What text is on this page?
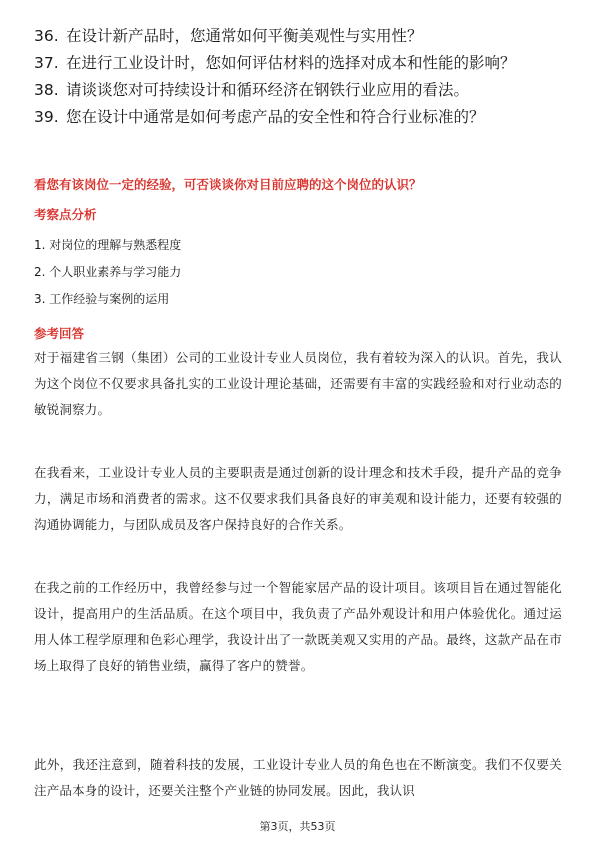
36. 在设计新产品时，您通常如何平衡美观性与实用性？
37. 在进行工业设计时，您如何评估材料的选择对成本和性能的影响？
38. 请谈谈您对可持续设计和循环经济在钢铁行业应用的看法。
39. 您在设计中通常是如何考虑产品的安全性和符合行业标准的？
看您有该岗位一定的经验，可否谈谈你对目前应聘的这个岗位的认识？
考察点分析
1. 对岗位的理解与熟悉程度
2. 个人职业素养与学习能力
3. 工作经验与案例的运用
参考回答
对于福建省三钢（集团）公司的工业设计专业人员岗位，我有着较为深入的认识。首先，我认为这个岗位不仅要求具备扎实的工业设计理论基础，还需要有丰富的实践经验和对行业动态的敏锐洞察力。
在我看来，工业设计专业人员的主要职责是通过创新的设计理念和技术手段，提升产品的竞争力，满足市场和消费者的需求。这不仅要求我们具备良好的审美观和设计能力，还要有较强的沟通协调能力，与团队成员及客户保持良好的合作关系。
在我之前的工作经历中，我曾经参与过一个智能家居产品的设计项目。该项目旨在通过智能化设计，提高用户的生活品质。在这个项目中，我负责了产品外观设计和用户体验优化。通过运用人体工程学原理和色彩心理学，我设计出了一款既美观又实用的产品。最终，这款产品在市场上取得了良好的销售业绩，赢得了客户的赞誉。
此外，我还注意到，随着科技的发展，工业设计专业人员的角色也在不断演变。我们不仅要关注产品本身的设计，还要关注整个产业链的协同发展。因此，我认识
第3页，共53页
